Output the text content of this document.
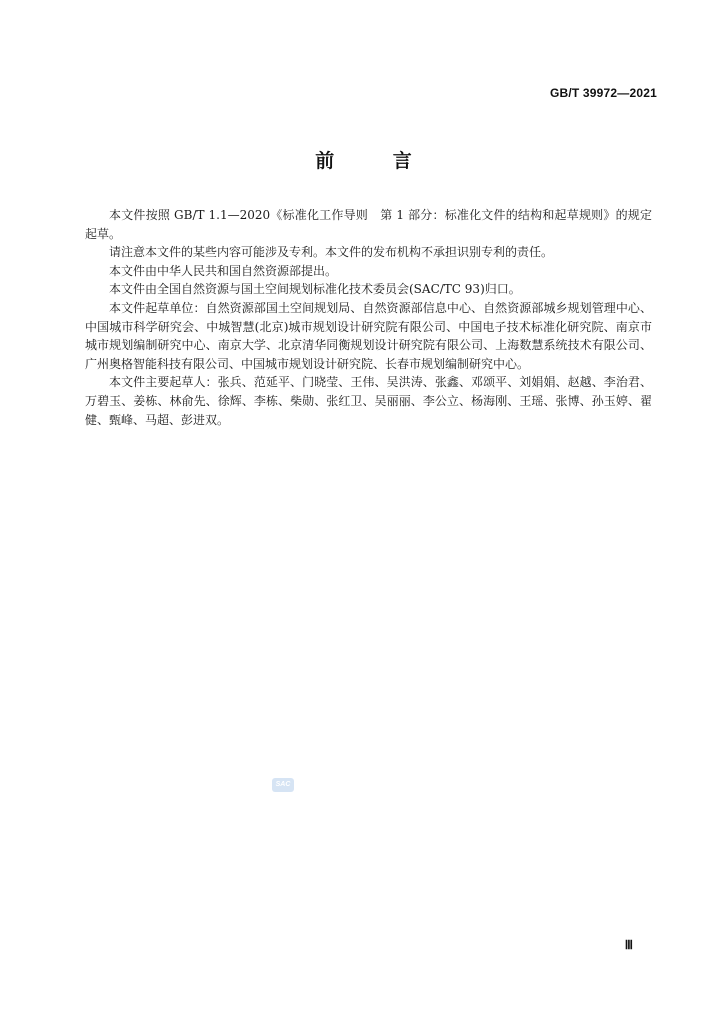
GB/T 39972—2021
前 言

本文件按照 GB/T 1.1—2020《标准化工作导则　第 1 部分：标准化文件的结构和起草规则》的规定起草。

请注意本文件的某些内容可能涉及专利。本文件的发布机构不承担识别专利的责任。

本文件由中华人民共和国自然资源部提出。

本文件由全国自然资源与国土空间规划标准化技术委员会(SAC/TC 93)归口。

本文件起草单位：自然资源部国土空间规划局、自然资源部信息中心、自然资源部城乡规划管理中心、中国城市科学研究会、中城智慧(北京)城市规划设计研究院有限公司、中国电子技术标准化研究院、南京市城市规划编制研究中心、南京大学、北京清华同衡规划设计研究院有限公司、上海数慧系统技术有限公司、广州奥格智能科技有限公司、中国城市规划设计研究院、长春市规划编制研究中心。

本文件主要起草人：张兵、范延平、门晓莹、王伟、吴洪涛、张鑫、邓颂平、刘娟娟、赵越、李治君、万碧玉、姜栋、林俞先、徐辉、李栋、柴勋、张红卫、吴丽丽、李公立、杨海刚、王瑶、张博、孙玉婷、翟健、甄峰、马超、彭进双。

SAC
Ⅲ
